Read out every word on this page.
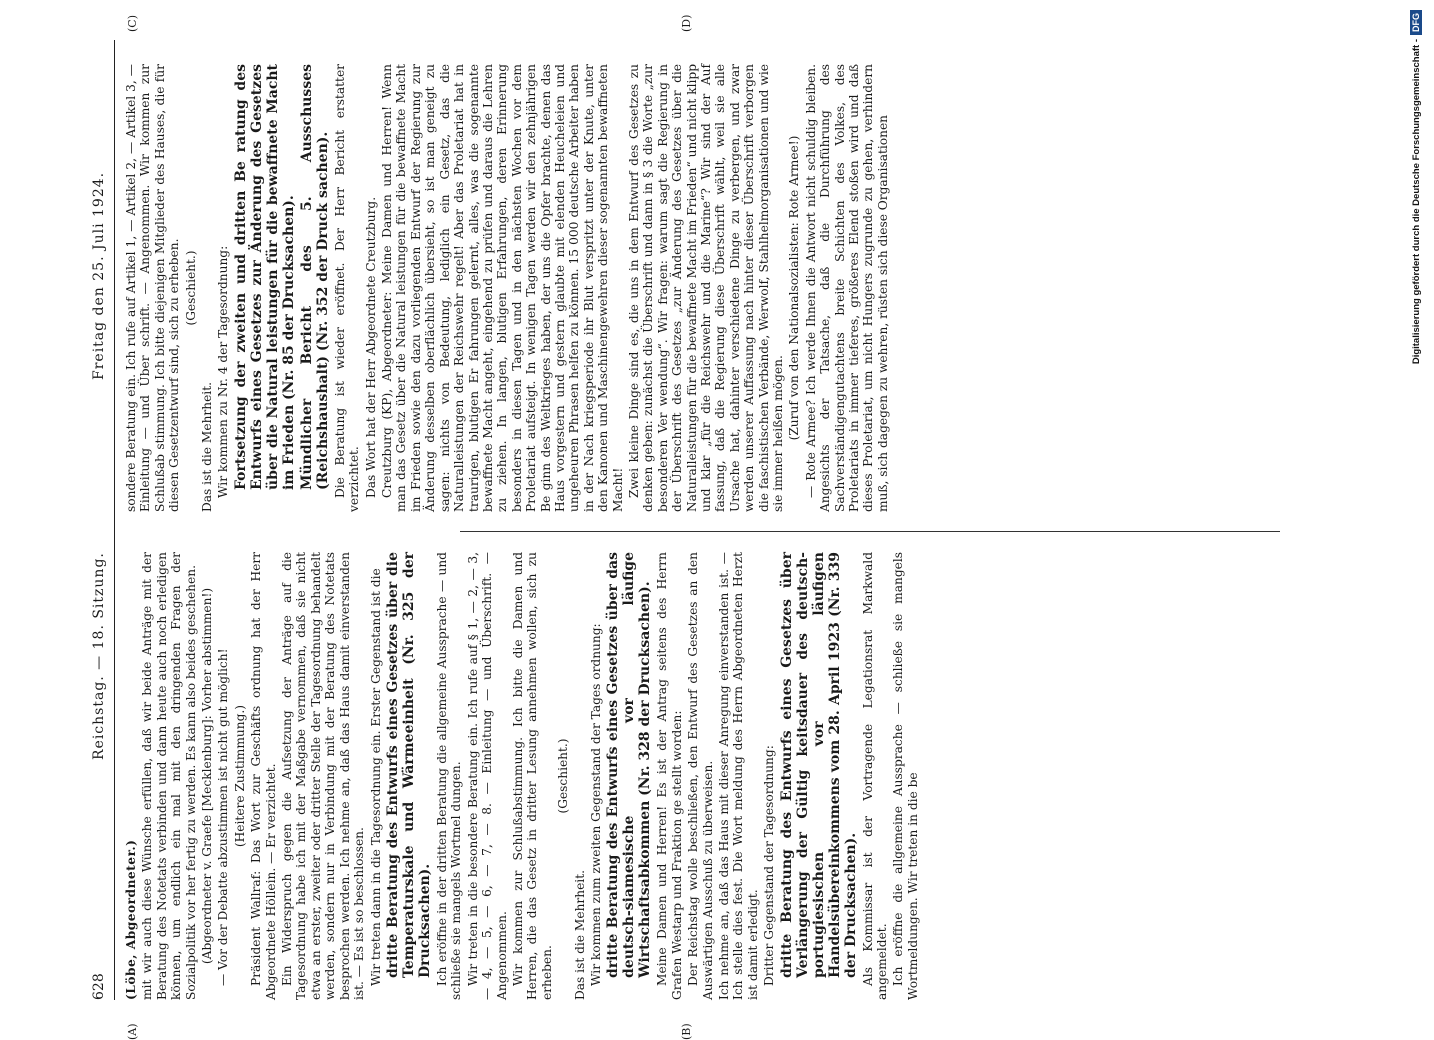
628
Reichstag. — 18. Sitzung.
Freitag den 25. Juli 1924.
(A)	(B)
(C)	(D)

(Löbe, Abgeordneter.) mit wir auch diese Wünsche erfüllen, daß wir beide Anträge mit der Beratung des Notetats verbinden und dann heute auch noch erledigen können, um endlich ein mal mit den dringenden Fragen der Sozialpolitik vor her fertig zu werden. Es kann also beides geschehen. (Abgeordneter v. Graefe [Mecklenburg]: Vorher abstimmen!) — Vor der Debatte abzustimmen ist nicht gut möglich! (Heitere Zustimmung.) Präsident Wallraf: Das Wort zur Geschäfts ordnung hat der Herr Abgeordnete Höllein. — Er verzichtet. Ein Widerspruch gegen die Aufsetzung der Anträge auf die Tagesordnung habe ich mit der Maßgabe vernommen, daß sie nicht etwa an erster, zweiter oder dritter Stelle der Tagesordnung behandelt werden, sondern nur in Verbindung mit der Beratung des Notetats besprochen werden. Ich nehme an, daß das Haus damit einverstanden ist. — Es ist so beschlossen. Wir treten dann in die Tagesordnung ein. Erster Gegenstand ist die dritte Beratung des Entwurfs eines Gesetzes über die Temperaturskale und Wärmeeinheit (Nr. 325 der Drucksachen). Ich eröffne in der dritten Beratung die allgemeine Aussprache — und schließe sie mangels Wortmel dungen. Wir treten in die besondere Beratung ein. Ich rufe auf § 1, — 2, — 3, — 4, — 5, — 6, — 7, — 8. — Einleitung — und Überschrift. — Angenommen. Wir kommen zur Schlußabstimmung. Ich bitte die Damen und Herren, die das Gesetz in dritter Lesung annehmen wollen, sich zu erheben.

(Geschieht.)

Das ist die Mehrheit. Wir kommen zum zweiten Gegenstand der Tages ordnung: dritte Beratung des Entwurfs eines Gesetzes über das deutsch-siamesische vor läufige Wirtschaftsabkommen (Nr. 328 der Drucksachen). Meine Damen und Herren! Es ist der Antrag seitens des Herrn Grafen Westarp und Fraktion ge stellt worden: Der Reichstag wolle beschließen, den Entwurf des Gesetzes an den Auswärtigen Ausschuß zu überweisen. Ich nehme an, daß das Haus mit dieser Anregung einverstanden ist. — Ich stelle dies fest. Die Wort meldung des Herrn Abgeordneten Herzt ist damit erledigt. Dritter Gegenstand der Tagesordnung: dritte Beratung des Entwurfs eines Gesetzes über Verlängerung der Gültig keitsdauer des deutsch-portugiesischen vor läufigen Handelsübereinkommens vom 28. April 1923 (Nr. 339 der Drucksachen). Als Kommissar ist der Vortragende Legationsrat Markwald angemeldet. Ich eröffne die allgemeine Aussprache — schließe sie mangels Wortmeldungen. Wir treten in die be

sondere Beratung ein. Ich rufe auf Artikel 1, — Artikel 2, — Artikel 3, — Einleitung — und Über schrift. — Angenommen. Wir kommen zur Schlußab stimmung. Ich bitte diejenigen Mitglieder des Hauses, die für diesen Gesetzentwurf sind, sich zu erheben. (Geschieht.)

Das ist die Mehrheit. Wir kommen zu Nr. 4 der Tagesordnung: Fortsetzung der zweiten und dritten Be ratung des Entwurfs eines Gesetzes zur Änderung des Gesetzes über die Natural leistungen für die bewaffnete Macht im Frieden (Nr. 85 der Drucksachen). Mündlicher Bericht des 5. Ausschusses (Reichshaushalt) (Nr. 352 der Druck sachen). Die Beratung ist wieder eröffnet. Der Herr Bericht erstatter verzichtet. Das Wort hat der Herr Abgeordnete Creutzburg. Creutzburg (KP), Abgeordneter: Meine Damen und Herren! Wenn man das Gesetz über die Natural leistungen für die bewaffnete Macht im Frieden sowie den dazu vorliegenden Entwurf der Regierung zur Änderung desselben oberflächlich übersieht, so ist man geneigt zu sagen: nichts von Bedeutung, lediglich ein Gesetz, das die Naturalleistungen der Reichswehr regelt! Aber das Proletariat hat in traurigen, blutigen Er fahrungen gelernt, alles, was die sogenannte bewaffnete Macht angeht, eingehend zu prüfen und daraus die Lehren zu ziehen. In langen, blutigen Erfahrungen, deren Erinnerung besonders in diesen Tagen und in den nächsten Wochen vor dem Proletariat aufsteigt. In wenigen Tagen werden wir den zehnjährigen Be ginn des Weltkrieges haben, der uns die Opfer brachte, denen das Haus vorgestern und gestern glaubte mit elenden Heucheleien und ungeheuren Phrasen helfen zu können. 15 000 deutsche Arbeiter haben in der Nach kriegsperiode ihr Blut verspritzt unter der Knute, unter den Kanonen und Maschinengewehren dieser sogenannten bewaffneten Macht! Zwei kleine Dinge sind es, die uns in dem Entwurf des Gesetzes zu denken geben: zunächst die Überschrift und dann in § 3 die Worte „zur besonderen Ver wendung“. Wir fragen: warum sagt die Regierung in der Überschrift des Gesetzes „zur Änderung des Gesetzes über die Naturalleistungen für die bewaffnete Macht im Frieden“ und nicht klipp und klar „für die Reichswehr und die Marine“? Wir sind der Auf fassung, daß die Regierung diese Überschrift wählt, weil sie alle Ursache hat, dahinter verschiedene Dinge zu verbergen, und zwar werden unserer Auffassung nach hinter dieser Überschrift verborgen die faschistischen Verbände, Werwolf, Stahlhelmorganisationen und wie sie immer heißen mögen. (Zuruf von den Nationalsozialisten: Rote Armee!) — Rote Armee? Ich werde Ihnen die Antwort nicht schuldig bleiben. Angesichts der Tatsache, daß die Durchführung des Sachverständigengutachtens breite Schichten des Volkes, des Proletariats in immer tieferes, größeres Elend stoßen wird und daß dieses Proletariat, um nicht Hungers zugrunde zu gehen, verhindern muß, sich dagegen zu wehren, rüsten sich diese Organisationen	Digitalisierung gefördert durch die Deutsche Forschungsgemeinschaft -
DFG
